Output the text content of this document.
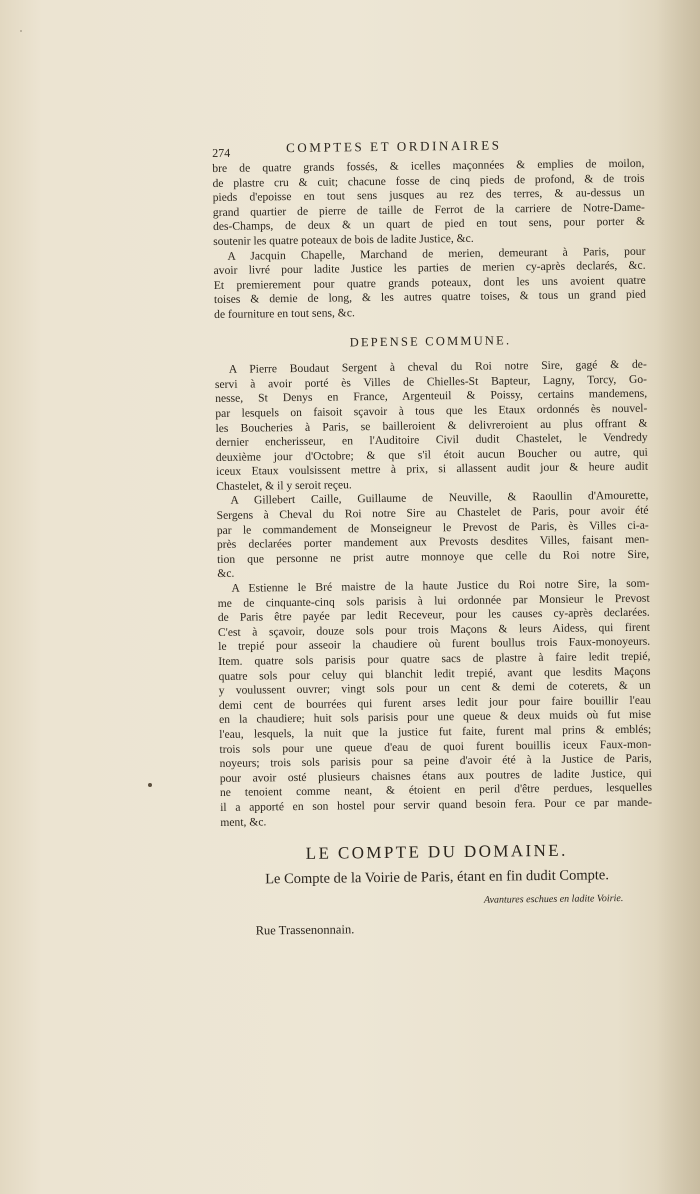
274	COMPTES ET ORDINAIRES
bre de quatre grands fossés, & icelles maçonnées & emplies de moilon,
de plastre cru & cuit; chacune fosse de cinq pieds de profond, & de trois
pieds d'epoisse en tout sens jusques au rez des terres, & au-dessus un
grand quartier de pierre de taille de Ferrot de la carriere de Notre-Dame-
des-Champs, de deux & un quart de pied en tout sens, pour porter &
soutenir les quatre poteaux de bois de ladite Justice, &c.
A Jacquin Chapelle, Marchand de merien, demeurant à Paris, pour
avoir livré pour ladite Justice les parties de merien cy-après declarés, &c.
Et premierement pour quatre grands poteaux, dont les uns avoient quatre
toises & demie de long, & les autres quatre toises, & tous un grand pied
de fourniture en tout sens, &c.
DEPENSE COMMUNE.
A Pierre Boudaut Sergent à cheval du Roi notre Sire, gagé & de-
servi à avoir porté ès Villes de Chielles-St Bapteur, Lagny, Torcy, Go-
nesse, St Denys en France, Argenteuil & Poissy, certains mandemens,
par lesquels on faisoit sçavoir à tous que les Etaux ordonnés ès nouvel-
les Boucheries à Paris, se bailleroient & delivreroient au plus offrant &
dernier encherisseur, en l'Auditoire Civil dudit Chastelet, le Vendredy
deuxième jour d'Octobre; & que s'il étoit aucun Boucher ou autre, qui
iceux Etaux voulsissent mettre à prix, si allassent audit jour & heure audit
Chastelet, & il y seroit reçeu.
A Gillebert Caille, Guillaume de Neuville, & Raoullin d'Amourette,
Sergens à Cheval du Roi notre Sire au Chastelet de Paris, pour avoir été
par le commandement de Monseigneur le Prevost de Paris, ès Villes ci-a-
près declarées porter mandement aux Prevosts desdites Villes, faisant men-
tion que personne ne prist autre monnoye que celle du Roi notre Sire,
&c.
A Estienne le Bré maistre de la haute Justice du Roi notre Sire, la som-
me de cinquante-cinq sols parisis à lui ordonnée par Monsieur le Prevost
de Paris être payée par ledit Receveur, pour les causes cy-après declarées.
C'est à sçavoir, douze sols pour trois Maçons & leurs Aidess, qui firent
le trepié pour asseoir la chaudiere où furent boullus trois Faux-monoyeurs.
Item. quatre sols parisis pour quatre sacs de plastre à faire ledit trepié,
quatre sols pour celuy qui blanchit ledit trepié, avant que lesdits Maçons
y voulussent ouvrer; vingt sols pour un cent & demi de coterets, & un
demi cent de bourrées qui furent arses ledit jour pour faire bouillir l'eau
en la chaudiere; huit sols parisis pour une queue & deux muids où fut mise
l'eau, lesquels, la nuit que la justice fut faite, furent mal prins & emblés;
trois sols pour une queue d'eau de quoi furent bouillis iceux Faux-mon-
noyeurs; trois sols parisis pour sa peine d'avoir été à la Justice de Paris,
pour avoir osté plusieurs chaisnes étans aux poutres de ladite Justice, qui
ne tenoient comme neant, & étoient en peril d'être perdues, lesquelles
il a apporté en son hostel pour servir quand besoin fera. Pour ce par mande-
ment, &c.
LE COMPTE DU DOMAINE.
Le Compte de la Voirie de Paris, étant en fin dudit Compte.
Avantures eschues en ladite Voirie.
Rue Trassenonnain.
